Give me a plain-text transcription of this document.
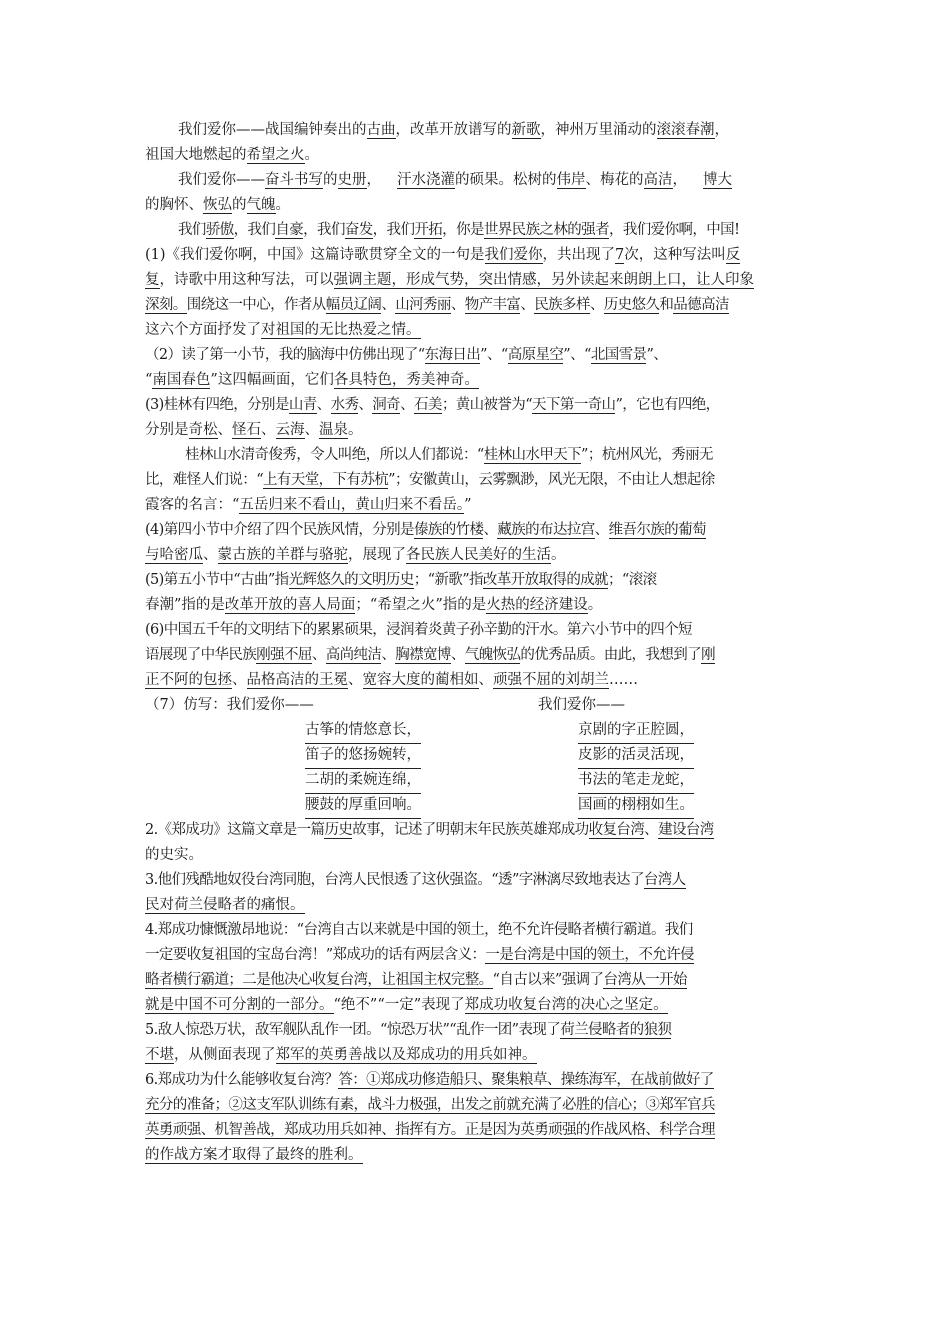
我们爱你——战国编钟奏出的古曲，改革开放谱写的新歌，神州万里涌动的滚滚春潮，
祖国大地燃起的希望之火。
我们爱你——奋斗书写的史册， 汗水浇灌的硕果。松树的伟岸、梅花的高洁， 博大
的胸怀、恢弘的气魄。
我们骄傲，我们自豪，我们奋发，我们开拓，你是世界民族之林的强者，我们爱你啊，中国!
(1)《我们爱你啊，中国》这篇诗歌贯穿全文的一句是我们爱你，共出现了7次，这种写法叫反
复，诗歌中用这种写法，可以强调主题，形成气势，突出情感，另外读起来朗朗上口，让人印象
深刻。围绕这一中心，作者从幅员辽阔、山河秀丽、物产丰富、民族多样、历史悠久和品德高洁
这六个方面抒发了对祖国的无比热爱之情。
（2）读了第一小节，我的脑海中仿佛出现了“东海日出”、“高原星空”、“北国雪景”、
“南国春色”这四幅画面，它们各具特色，秀美神奇。
(3)桂林有四绝，分别是山青、水秀、洞奇、石美；黄山被誉为“天下第一奇山”，它也有四绝，
分别是奇松、怪石、云海、温泉。
桂林山水清奇俊秀，令人叫绝，所以人们都说：“桂林山水甲天下”；杭州风光，秀丽无
比，难怪人们说：“上有天堂，下有苏杭”；安徽黄山，云雾飘渺，风光无限，不由让人想起徐
霞客的名言：“五岳归来不看山，黄山归来不看岳。”
(4)第四小节中介绍了四个民族风情，分别是傣族的竹楼、藏族的布达拉宫、维吾尔族的葡萄
与哈密瓜、蒙古族的羊群与骆驼，展现了各民族人民美好的生活。
(5)第五小节中“古曲”指光辉悠久的文明历史；“新歌”指改革开放取得的成就；“滚滚
春潮”指的是改革开放的喜人局面；“希望之火”指的是火热的经济建设。
(6)中国五千年的文明结下的累累硕果，浸润着炎黄子孙辛勤的汗水。第六小节中的四个短
语展现了中华民族刚强不屈、高尚纯洁、胸襟宽博、气魄恢弘的优秀品质。由此，我想到了刚
正不阿的包拯、品格高洁的王冕、宽容大度的蔺相如、顽强不屈的刘胡兰……
（7）仿写：我们爱你——	我们爱你——
古筝的情悠意长，	京剧的字正腔圆，
笛子的悠扬婉转，	皮影的活灵活现，
二胡的柔婉连绵，	书法的笔走龙蛇，
腰鼓的厚重回响。	国画的栩栩如生。
2.《郑成功》这篇文章是一篇历史故事，记述了明朝末年民族英雄郑成功收复台湾、建设台湾
的史实。
3.他们残酷地奴役台湾同胞，台湾人民恨透了这伙强盗。“透”字淋漓尽致地表达了台湾人
民对荷兰侵略者的痛恨。
4.郑成功慷慨激昂地说：“台湾自古以来就是中国的领土，绝不允许侵略者横行霸道。我们
一定要收复祖国的宝岛台湾！”郑成功的话有两层含义：一是台湾是中国的领土，不允许侵
略者横行霸道；二是他决心收复台湾，让祖国主权完整。“自古以来”强调了台湾从一开始
就是中国不可分割的一部分。“绝不”“一定”表现了郑成功收复台湾的决心之坚定。
5.敌人惊恐万状，敌军舰队乱作一团。“惊恐万状”“乱作一团”表现了荷兰侵略者的狼狈
不堪，从侧面表现了郑军的英勇善战以及郑成功的用兵如神。
6.郑成功为什么能够收复台湾？答：①郑成功修造船只、聚集粮草、操练海军，在战前做好了
充分的准备；②这支军队训练有素，战斗力极强，出发之前就充满了必胜的信心；③郑军官兵
英勇顽强、机智善战，郑成功用兵如神、指挥有方。正是因为英勇顽强的作战风格、科学合理
的作战方案才取得了最终的胜利。
